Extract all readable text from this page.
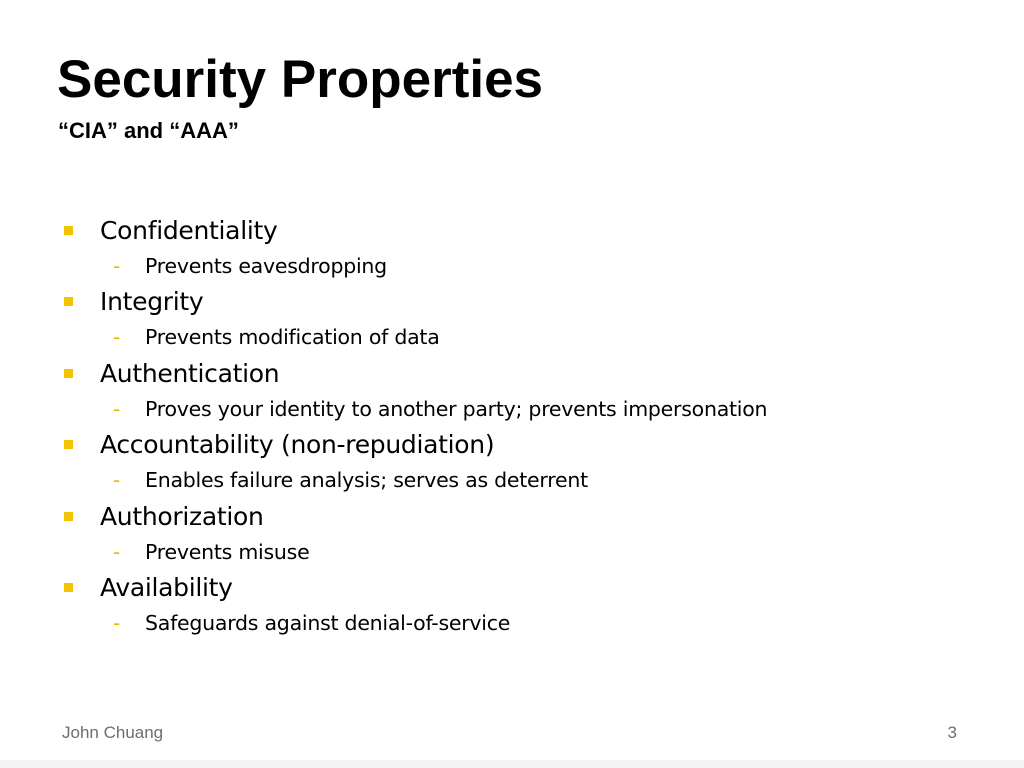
Security Properties
“CIA” and “AAA”
Confidentiality
- Prevents eavesdropping
Integrity
- Prevents modification of data
Authentication
- Proves your identity to another party; prevents impersonation
Accountability (non-repudiation)
- Enables failure analysis; serves as deterrent
Authorization
- Prevents misuse
Availability
- Safeguards against denial-of-service
John Chuang	3
